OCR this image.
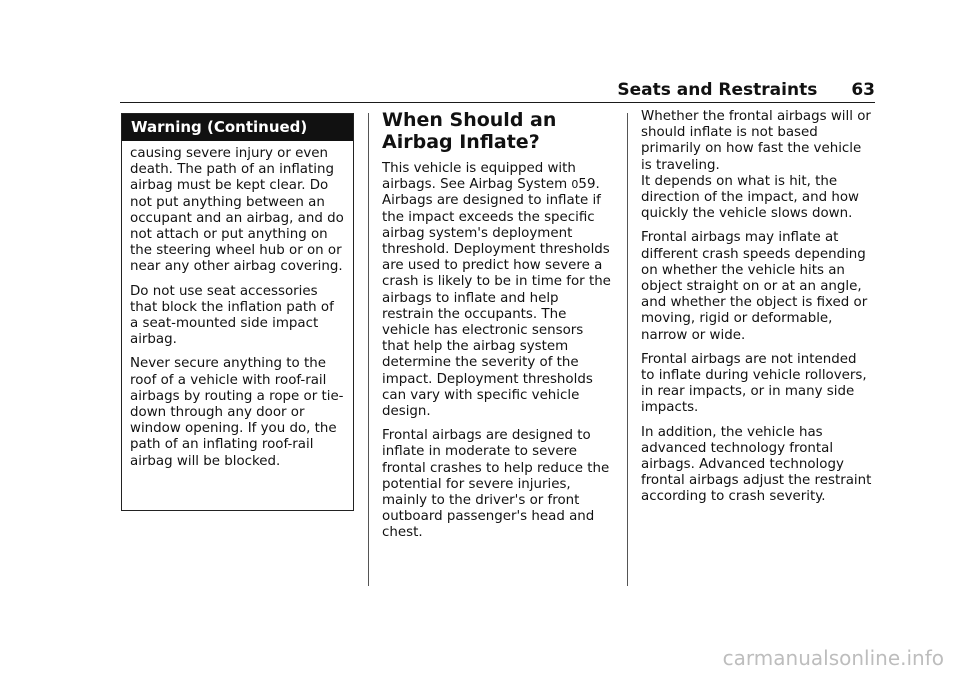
Seats and Restraints 63
Warning (Continued)

causing severe injury or even death. The path of an inflating airbag must be kept clear. Do not put anything between an occupant and an airbag, and do not attach or put anything on the steering wheel hub or on or near any other airbag covering.

Do not use seat accessories that block the inflation path of a seat-mounted side impact airbag.

Never secure anything to the roof of a vehicle with roof-rail airbags by routing a rope or tie-down through any door or window opening. If you do, the path of an inflating roof-rail airbag will be blocked.

When Should an Airbag Inflate?

This vehicle is equipped with airbags. See Airbag System 059. Airbags are designed to inflate if the impact exceeds the specific airbag system's deployment threshold. Deployment thresholds are used to predict how severe a crash is likely to be in time for the airbags to inflate and help restrain the occupants. The vehicle has electronic sensors that help the airbag system determine the severity of the impact. Deployment thresholds can vary with specific vehicle design.

Frontal airbags are designed to inflate in moderate to severe frontal crashes to help reduce the potential for severe injuries, mainly to the driver's or front outboard passenger's head and chest.

Whether the frontal airbags will or should inflate is not based primarily on how fast the vehicle is traveling.

It depends on what is hit, the direction of the impact, and how quickly the vehicle slows down.

Frontal airbags may inflate at different crash speeds depending on whether the vehicle hits an object straight on or at an angle, and whether the object is fixed or moving, rigid or deformable, narrow or wide.

Frontal airbags are not intended to inflate during vehicle rollovers, in rear impacts, or in many side impacts.

In addition, the vehicle has advanced technology frontal airbags. Advanced technology frontal airbags adjust the restraint according to crash severity.

carmanualsonline.info
